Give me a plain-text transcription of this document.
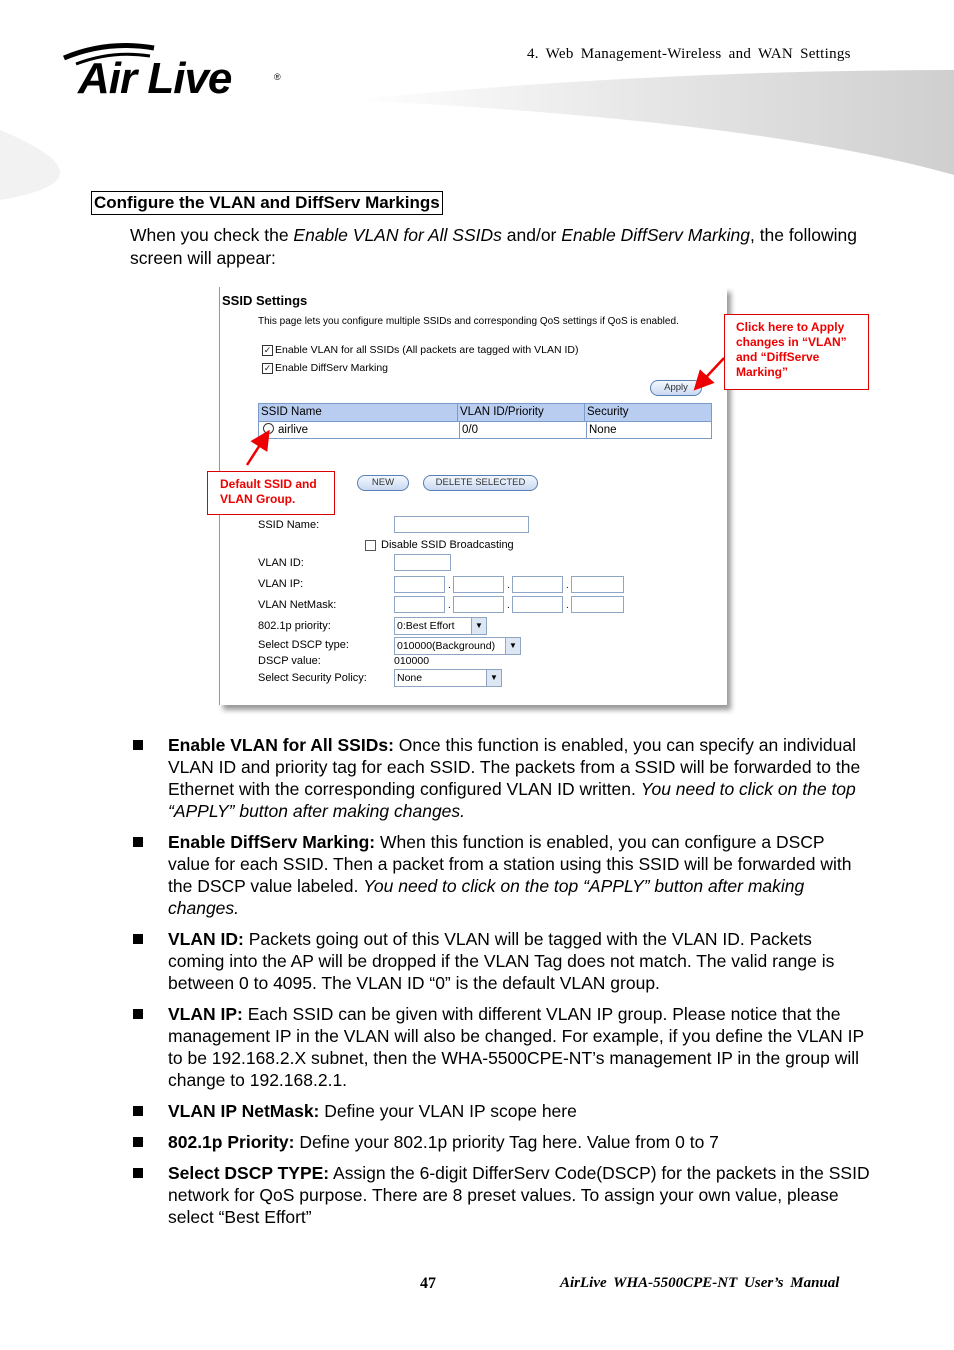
Air Live	®
4. Web Management-Wireless and WAN Settings
Configure the VLAN and DiffServ Markings
When you check the Enable VLAN for All SSIDs and/or Enable DiffServ Marking, the following screen will appear:
SSID Settings
This page lets you configure multiple SSIDs and corresponding QoS settings if QoS is enabled.
✓ Enable VLAN for all SSIDs (All packets are tagged with VLAN ID)
✓ Enable DiffServ Marking
Apply
SSID Name	VLAN ID/Priority	Security
airlive	0/0	None
NEW	DELETE SELECTED
SSID Name:
Disable SSID Broadcasting
VLAN ID:
VLAN IP:	.	.	.
VLAN NetMask:	.	.	.
802.1p priority:	0:Best Effort	▼
Select DSCP type:	010000(Background)	▼
DSCP value:	010000
Select Security Policy:	None	▼
Click here to Apply changes in “VLAN” and “DiffServe Marking”
Default SSID and VLAN Group.
Enable VLAN for All SSIDs: Once this function is enabled, you can specify an individual VLAN ID and priority tag for each SSID. The packets from a SSID will be forwarded to the Ethernet with the corresponding configured VLAN ID written. You need to click on the top “APPLY” button after making changes.
Enable DiffServ Marking: When this function is enabled, you can configure a DSCP value for each SSID. Then a packet from a station using this SSID will be forwarded with the DSCP value labeled. You need to click on the top “APPLY” button after making changes.
VLAN ID: Packets going out of this VLAN will be tagged with the VLAN ID. Packets coming into the AP will be dropped if the VLAN Tag does not match. The valid range is between 0 to 4095. The VLAN ID “0” is the default VLAN group.
VLAN IP: Each SSID can be given with different VLAN IP group. Please notice that the management IP in the VLAN will also be changed. For example, if you define the VLAN IP to be 192.168.2.X subnet, then the WHA-5500CPE-NT’s management IP in the group will change to 192.168.2.1.
VLAN IP NetMask: Define your VLAN IP scope here
802.1p Priority: Define your 802.1p priority Tag here. Value from 0 to 7
Select DSCP TYPE: Assign the 6-digit DifferServ Code(DSCP) for the packets in the SSID network for QoS purpose. There are 8 preset values. To assign your own value, please select “Best Effort”
47	AirLive WHA-5500CPE-NT User’s Manual
